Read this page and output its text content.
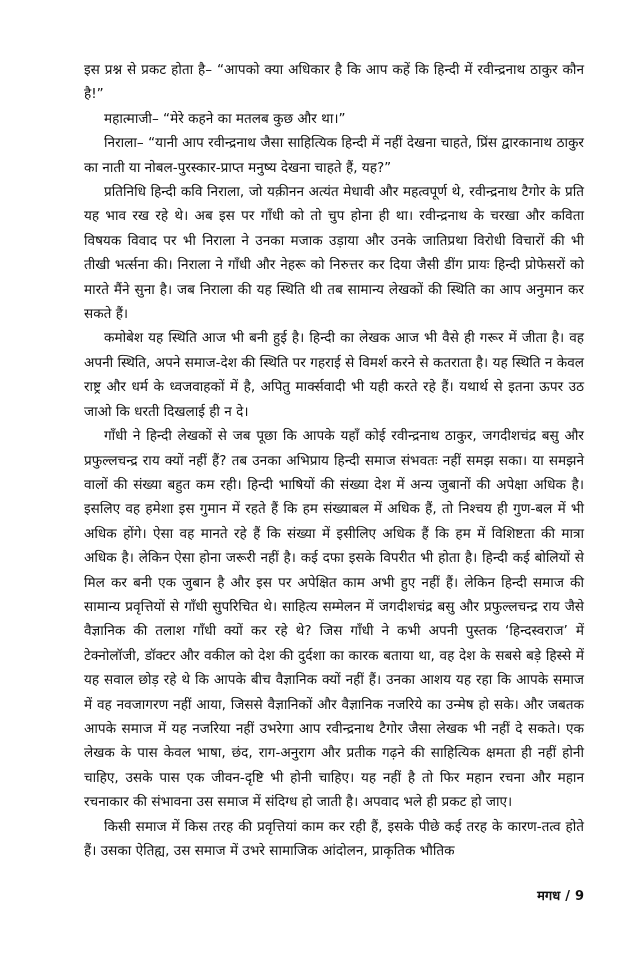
इस प्रश्न से प्रकट होता है– “आपको क्या अधिकार है कि आप कहें कि हिन्दी में रवीन्द्रनाथ ठाकुर कौन है!”

महात्माजी– “मेरे कहने का मतलब कुछ और था।”

निराला– “यानी आप रवीन्द्रनाथ जैसा साहित्यिक हिन्दी में नहीं देखना चाहते, प्रिंस द्वारकानाथ ठाकुर का नाती या नोबल-पुरस्कार-प्राप्त मनुष्य देखना चाहते हैं, यह?”

प्रतिनिधि हिन्दी कवि निराला, जो यक़ीनन अत्यंत मेधावी और महत्वपूर्ण थे, रवीन्द्रनाथ टैगोर के प्रति यह भाव रख रहे थे। अब इस पर गाँधी को तो चुप होना ही था। रवीन्द्रनाथ के चरखा और कविता विषयक विवाद पर भी निराला ने उनका मजाक उड़ाया और उनके जातिप्रथा विरोधी विचारों की भी तीखी भर्त्सना की। निराला ने गाँधी और नेहरू को निरुत्तर कर दिया जैसी डींग प्रायः हिन्दी प्रोफेसरों को मारते मैंने सुना है। जब निराला की यह स्थिति थी तब सामान्य लेखकों की स्थिति का आप अनुमान कर सकते हैं।

कमोबेश यह स्थिति आज भी बनी हुई है। हिन्दी का लेखक आज भी वैसे ही गरूर में जीता है। वह अपनी स्थिति, अपने समाज-देश की स्थिति पर गहराई से विमर्श करने से कतराता है। यह स्थिति न केवल राष्ट्र और धर्म के ध्वजवाहकों में है, अपितु मार्क्सवादी भी यही करते रहे हैं। यथार्थ से इतना ऊपर उठ जाओ कि धरती दिखलाई ही न दे।

गाँधी ने हिन्दी लेखकों से जब पूछा कि आपके यहाँ कोई रवीन्द्रनाथ ठाकुर, जगदीशचंद्र बसु और प्रफुल्लचन्द्र राय क्यों नहीं हैं? तब उनका अभिप्राय हिन्दी समाज संभवतः नहीं समझ सका। या समझने वालों की संख्या बहुत कम रही। हिन्दी भाषियों की संख्या देश में अन्य जुबानों की अपेक्षा अधिक है। इसलिए वह हमेशा इस गुमान में रहते हैं कि हम संख्याबल में अधिक हैं, तो निश्चय ही गुण-बल में भी अधिक होंगे। ऐसा वह मानते रहे हैं कि संख्या में इसीलिए अधिक हैं कि हम में विशिष्टता की मात्रा अधिक है। लेकिन ऐसा होना जरूरी नहीं है। कई दफा इसके विपरीत भी होता है। हिन्दी कई बोलियों से मिल कर बनी एक जुबान है और इस पर अपेक्षित काम अभी हुए नहीं हैं। लेकिन हिन्दी समाज की सामान्य प्रवृत्तियों से गाँधी सुपरिचित थे। साहित्य सम्मेलन में जगदीशचंद्र बसु और प्रफुल्लचन्द्र राय जैसे वैज्ञानिक की तलाश गाँधी क्यों कर रहे थे? जिस गाँधी ने कभी अपनी पुस्तक ‘हिन्दस्वराज’ में टेक्नोलॉजी, डॉक्टर और वकील को देश की दुर्दशा का कारक बताया था, वह देश के सबसे बड़े हिस्से में यह सवाल छोड़ रहे थे कि आपके बीच वैज्ञानिक क्यों नहीं हैं। उनका आशय यह रहा कि आपके समाज में वह नवजागरण नहीं आया, जिससे वैज्ञानिकों और वैज्ञानिक नजरिये का उन्मेष हो सके। और जबतक आपके समाज में यह नजरिया नहीं उभरेगा आप रवीन्द्रनाथ टैगोर जैसा लेखक भी नहीं दे सकते। एक लेखक के पास केवल भाषा, छंद, राग-अनुराग और प्रतीक गढ़ने की साहित्यिक क्षमता ही नहीं होनी चाहिए, उसके पास एक जीवन-दृष्टि भी होनी चाहिए। यह नहीं है तो फिर महान रचना और महान रचनाकार की संभावना उस समाज में संदिग्ध हो जाती है। अपवाद भले ही प्रकट हो जाए।

किसी समाज में किस तरह की प्रवृत्तियां काम कर रही हैं, इसके पीछे कई तरह के कारण-तत्व होते हैं। उसका ऐतिह्य, उस समाज में उभरे सामाजिक आंदोलन, प्राकृतिक भौतिक

मगध / 9
